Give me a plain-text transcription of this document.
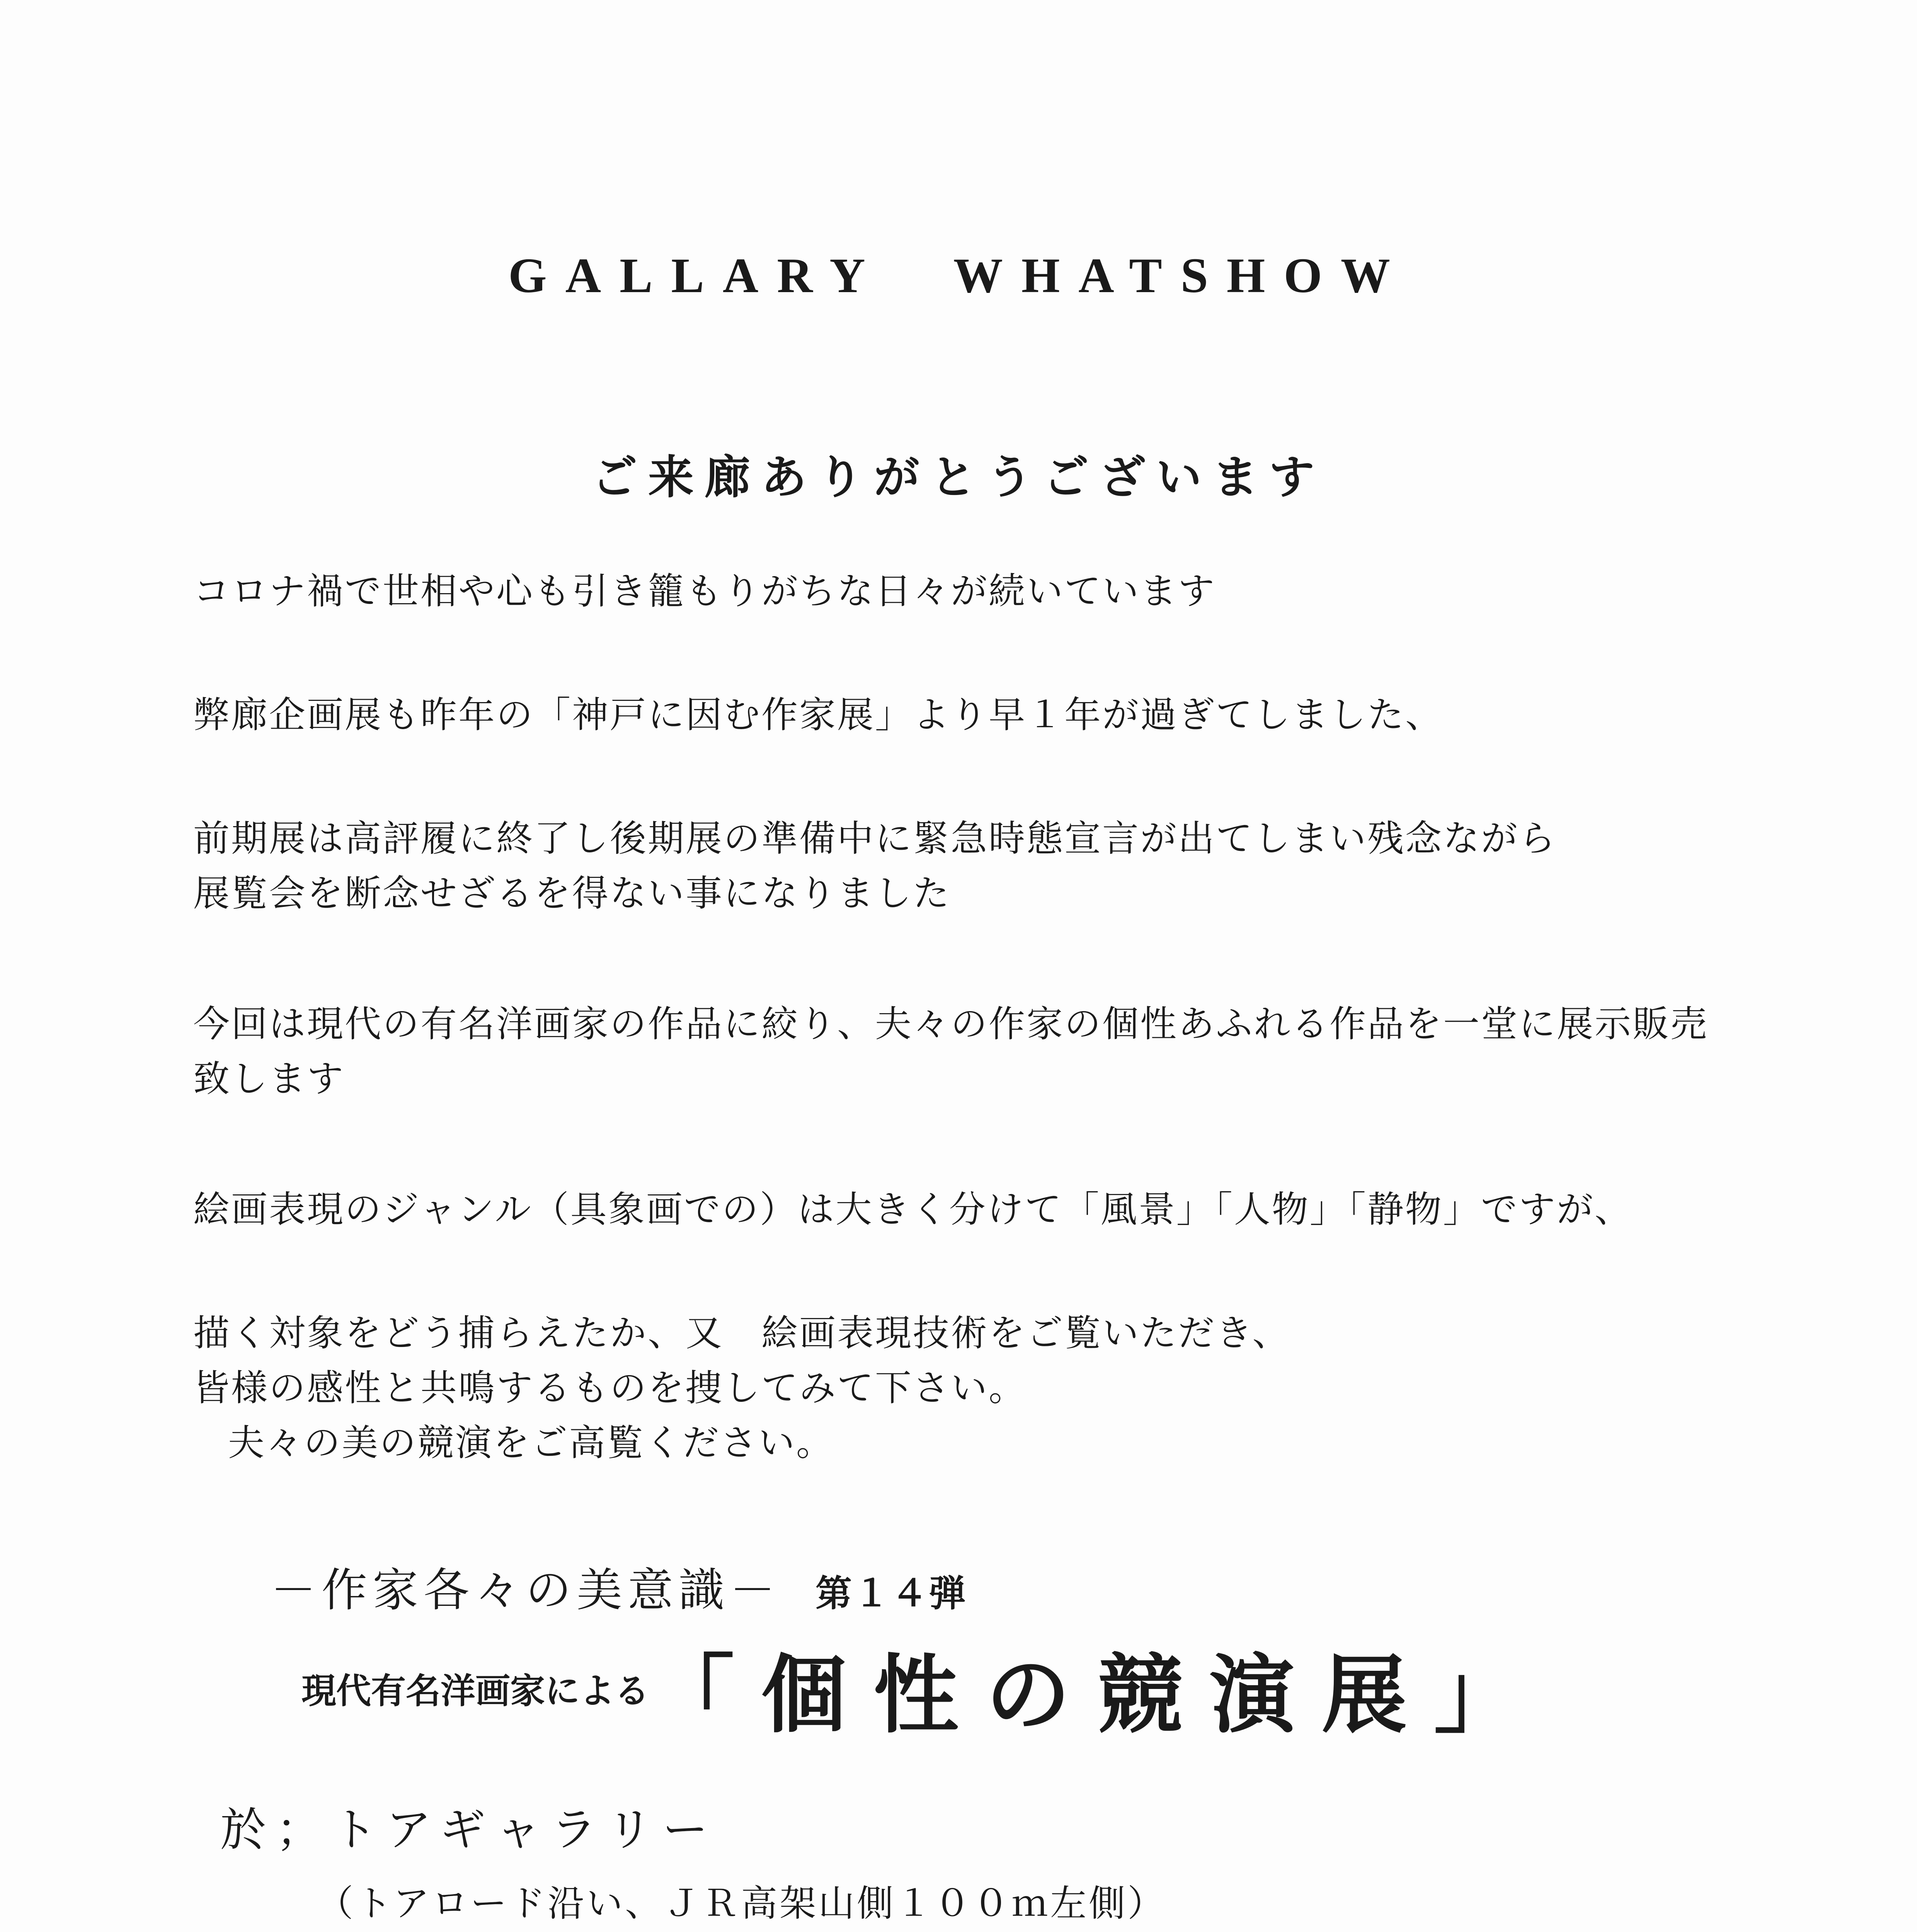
GALLARY WHATSHOW
ご来廊ありがとうございます
コロナ禍で世相や心も引き籠もりがちな日々が続いています
弊廊企画展も昨年の「神戸に因む作家展」より早１年が過ぎてしました、
前期展は高評履に終了し後期展の準備中に緊急時態宣言が出てしまい残念ながら
展覧会を断念せざるを得ない事になりました
今回は現代の有名洋画家の作品に絞り、夫々の作家の個性あふれる作品を一堂に展示販売
致します
絵画表現のジャンル（具象画での）は大きく分けて「風景」「人物」「静物」ですが、
描く対象をどう捕らえたか、又　絵画表現技術をご覧いただき、
皆様の感性と共鳴するものを捜してみて下さい。
夫々の美の競演をご高覧ください。
－作家各々の美意識－ 第１４弾
現代有名洋画家による「個性の競演展」
於；トアギャラリー
（トアロード沿い、ＪＲ高架山側１００ｍ左側）
